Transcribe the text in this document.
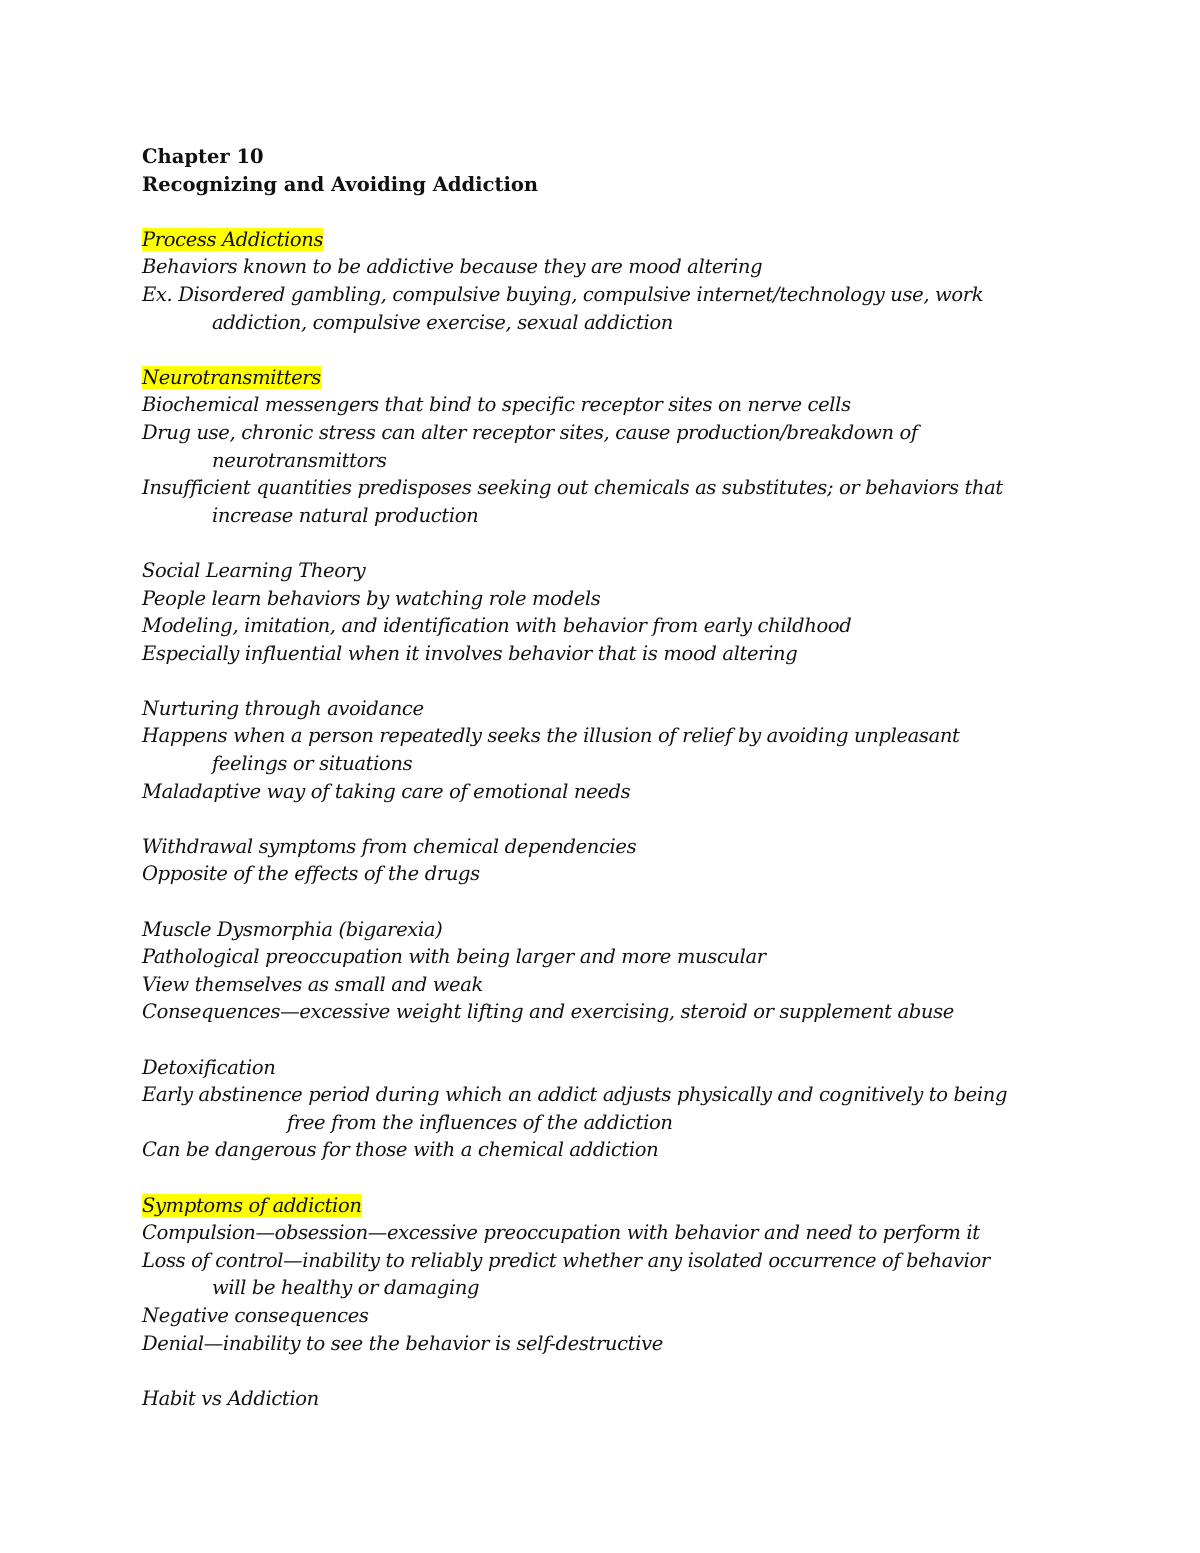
Chapter 10
Recognizing and Avoiding Addiction
Process Addictions
Behaviors known to be addictive because they are mood altering
Ex. Disordered gambling, compulsive buying, compulsive internet/technology use, work
addiction, compulsive exercise, sexual addiction
Neurotransmitters
Biochemical messengers that bind to specific receptor sites on nerve cells
Drug use, chronic stress can alter receptor sites, cause production/breakdown of
neurotransmittors
Insufficient quantities predisposes seeking out chemicals as substitutes; or behaviors that
increase natural production
Social Learning Theory
People learn behaviors by watching role models
Modeling, imitation, and identification with behavior from early childhood
Especially influential when it involves behavior that is mood altering
Nurturing through avoidance
Happens when a person repeatedly seeks the illusion of relief by avoiding unpleasant
feelings or situations
Maladaptive way of taking care of emotional needs
Withdrawal symptoms from chemical dependencies
Opposite of the effects of the drugs
Muscle Dysmorphia (bigarexia)
Pathological preoccupation with being larger and more muscular
View themselves as small and weak
Consequences—excessive weight lifting and exercising, steroid or supplement abuse
Detoxification
Early abstinence period during which an addict adjusts physically and cognitively to being
free from the influences of the addiction
Can be dangerous for those with a chemical addiction
Symptoms of addiction
Compulsion—obsession—excessive preoccupation with behavior and need to perform it
Loss of control—inability to reliably predict whether any isolated occurrence of behavior
will be healthy or damaging
Negative consequences
Denial—inability to see the behavior is self-destructive
Habit vs Addiction
